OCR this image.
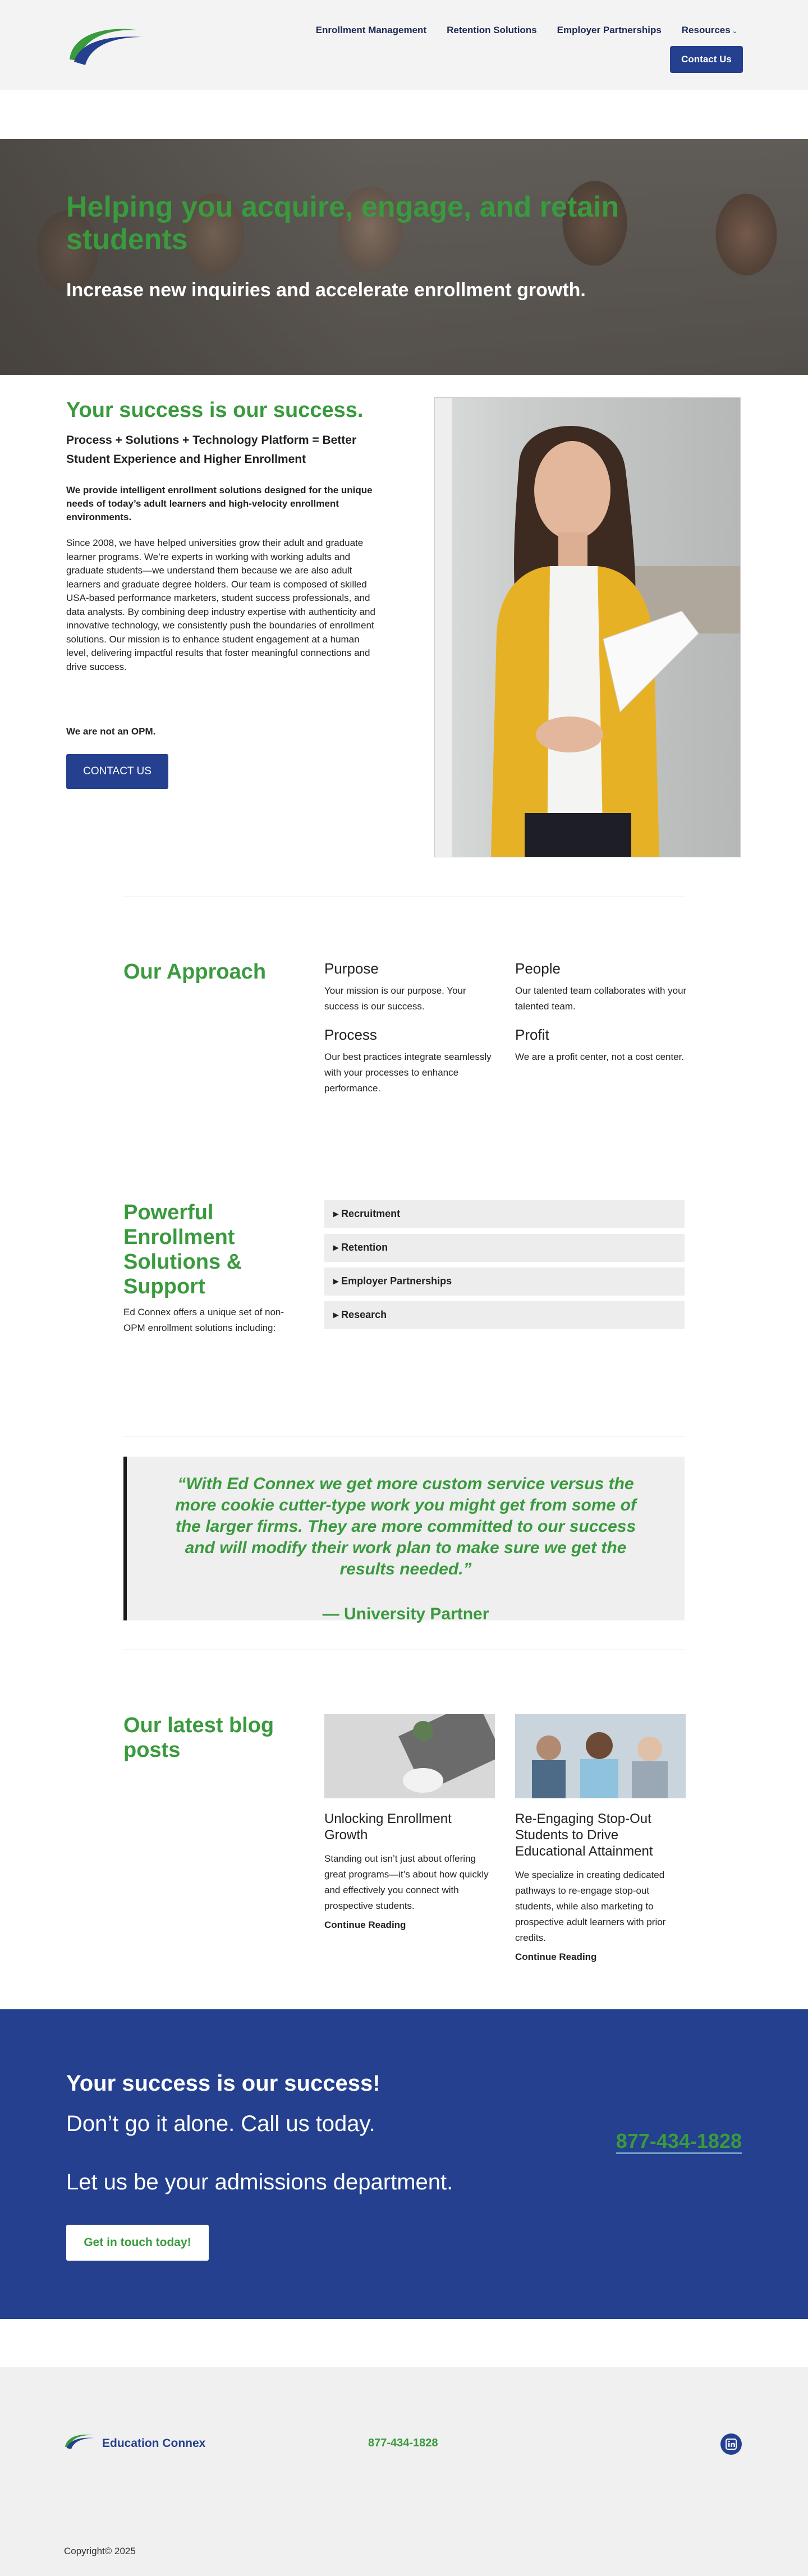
Enrollment Management Retention Solutions Employer Partnerships Resources ⌄
Contact Us
Helping you acquire, engage, and retain students

Increase new inquiries and accelerate enrollment growth.

Your success is our success.

Process + Solutions + Technology Platform = Better Student Experience and Higher Enrollment

We provide intelligent enrollment solutions designed for the unique needs of today’s adult learners and high-velocity enrollment environments.

Since 2008, we have helped universities grow their adult and graduate learner programs. We’re experts in working with working adults and graduate students—we understand them because we are also adult learners and graduate degree holders. Our team is composed of skilled USA-based performance marketers, student success professionals, and data analysts. By combining deep industry expertise with authenticity and innovative technology, we consistently push the boundaries of enrollment solutions. Our mission is to enhance student engagement at a human level, delivering impactful results that foster meaningful connections and drive success.

We are not an OPM.

CONTACT US
Our Approach	Purpose

Your mission is our purpose. Your success is our success.

People

Our talented team collaborates with your talented team.

Process

Our best practices integrate seamlessly with your processes to enhance performance.

Profit

We are a profit center, not a cost center.

Powerful Enrollment Solutions & Support

Ed Connex offers a unique set of non-OPM enrollment solutions including:

▸ Recruitment
▸ Retention
▸ Employer Partnerships
▸ Research

“With Ed Connex we get more custom service versus the more cookie cutter-type work you might get from some of the larger firms. They are more committed to our success and will modify their work plan to make sure we get the results needed.”

— University Partner
Our latest blog posts
Unlocking Enrollment Growth

Standing out isn’t just about offering great programs—it’s about how quickly and effectively you connect with prospective students.

Continue Reading
Re-Engaging Stop-Out Students to Drive Educational Attainment

We specialize in creating dedicated pathways to re-engage stop-out students, while also marketing to prospective adult learners with prior credits.

Continue Reading
Your success is our success!

Don’t go it alone. Call us today.

Let us be your admissions department.

877-434-1828
Get in touch today!
Education Connex	877-434-1828
Copyright© 2025
